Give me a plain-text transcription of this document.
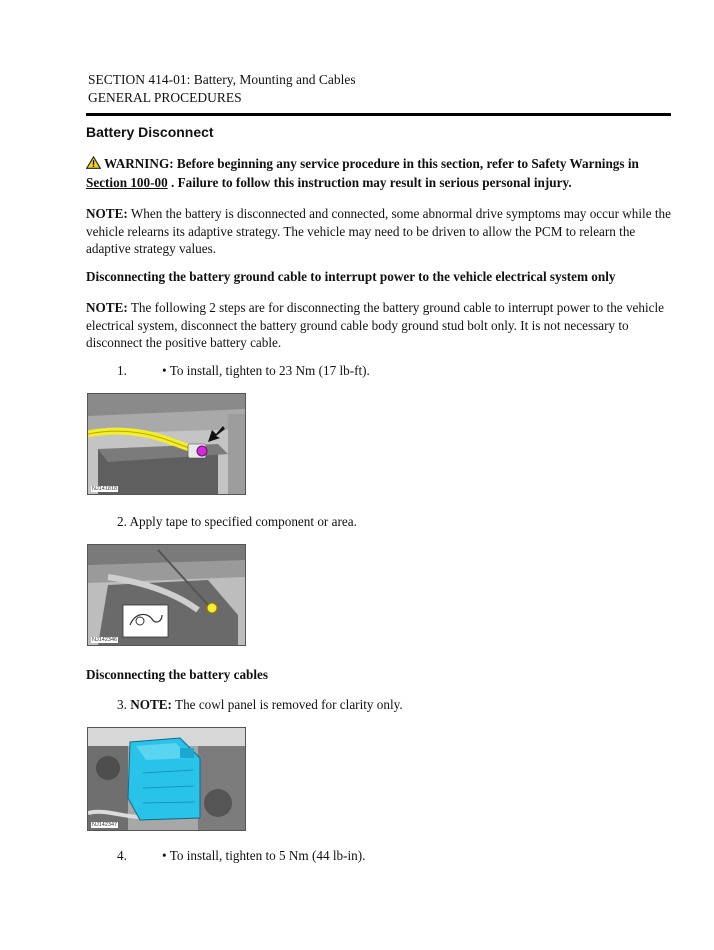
SECTION 414-01: Battery, Mounting and Cables
GENERAL PROCEDURES
Battery Disconnect
WARNING: Before beginning any service procedure in this section, refer to Safety Warnings in Section 100-00 . Failure to follow this instruction may result in serious personal injury.
NOTE: When the battery is disconnected and connected, some abnormal drive symptoms may occur while the vehicle relearns its adaptive strategy. The vehicle may need to be driven to allow the PCM to relearn the adaptive strategy values.
Disconnecting the battery ground cable to interrupt power to the vehicle electrical system only
NOTE: The following 2 steps are for disconnecting the battery ground cable to interrupt power to the vehicle electrical system, disconnect the battery ground cable body ground stud bolt only. It is not necessary to disconnect the positive battery cable.
1.	• To install, tighten to 23 Nm (17 lb-ft).
NJ141818
2. Apply tape to specified component or area.
NJ142346
Disconnecting the battery cables
3. NOTE: The cowl panel is removed for clarity only.
NJ142347
4.	• To install, tighten to 5 Nm (44 lb-in).
